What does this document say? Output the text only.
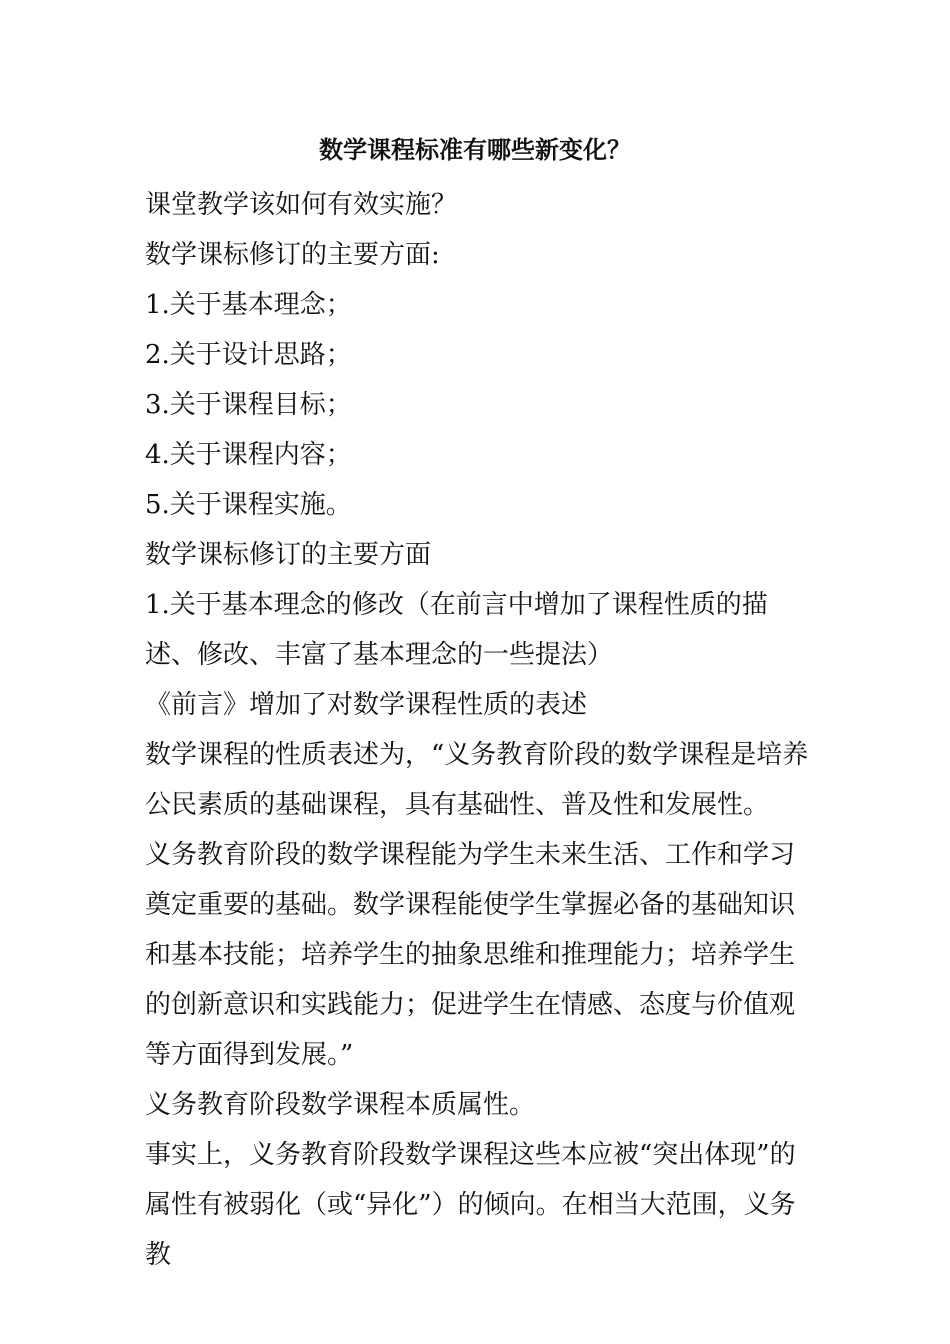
数学课程标准有哪些新变化？

课堂教学该如何有效实施？

数学课标修订的主要方面:

1.关于基本理念；

2.关于设计思路；

3.关于课程目标；

4.关于课程内容；

5.关于课程实施。

数学课标修订的主要方面

1.关于基本理念的修改（在前言中增加了课程性质的描述、修改、丰富了基本理念的一些提法）

《前言》增加了对数学课程性质的表述

数学课程的性质表述为，“义务教育阶段的数学课程是培养公民素质的基础课程，具有基础性、普及性和发展性。

义务教育阶段的数学课程能为学生未来生活、工作和学习奠定重要的基础。数学课程能使学生掌握必备的基础知识和基本技能；培养学生的抽象思维和推理能力；培养学生的创新意识和实践能力；促进学生在情感、态度与价值观等方面得到发展。”

义务教育阶段数学课程本质属性。

事实上，义务教育阶段数学课程这些本应被“突出体现”的属性有被弱化（或“异化”）的倾向。在相当大范围，义务教
